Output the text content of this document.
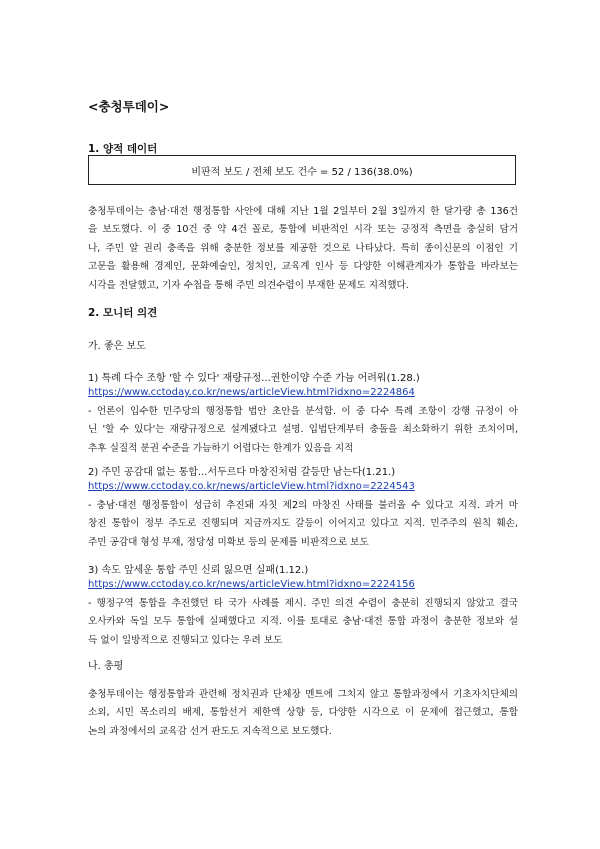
<충청투데이>
1. 양적 데이터
비판적 보도 / 전체 보도 건수 = 52 / 136(38.0%)
충청투데이는 충남·대전 행정통합 사안에 대해 지난 1월 2일부터 2월 3일까지 한 달가량 총 136건
을 보도했다. 이 중 10건 중 약 4건 꼴로, 통합에 비판적인 시각 또는 긍정적 측면을 충실히 담거
나, 주민 알 권리 충족을 위해 충분한 정보를 제공한 것으로 나타났다. 특히 종이신문의 이점인 기
고문을 활용해 경제인, 문화예술인, 정치인, 교육계 인사 등 다양한 이해관계자가 통합을 바라보는
시각을 전달했고, 기자 수첩을 통해 주민 의견수렴이 부재한 문제도 지적했다.
2. 모니터 의견
가. 좋은 보도
1) 특례 다수 조항 '할 수 있다' 재량규정...권한이양 수준 가늠 어려워(1.28.)
https://www.cctoday.co.kr/news/articleView.html?idxno=2224864
- 언론이 입수한 민주당의 행정통합 법안 초안을 분석함. 이 중 다수 특례 조항이 강행 규정이 아
닌 '할 수 있다'는 재량규정으로 설계됐다고 설명. 입법단계부터 충돌을 최소화하기 위한 조치이며,
추후 실질적 분권 수준을 가늠하기 어렵다는 한계가 있음을 지적
2) 주민 공감대 없는 통합...서두르다 마창진처럼 갈등만 남는다(1.21.)
https://www.cctoday.co.kr/news/articleView.html?idxno=2224543
- 충남·대전 행정통합이 성급히 추진돼 자칫 제2의 마창진 사태를 불러올 수 있다고 지적. 과거 마
창진 통합이 정부 주도로 진행되며 지금까지도 갈등이 이어지고 있다고 지적. 민주주의 원칙 훼손,
주민 공감대 형성 부재, 정당성 미확보 등의 문제를 비판적으로 보도
3) 속도 앞세운 통합 주민 신뢰 잃으면 실패(1.12.)
https://www.cctoday.co.kr/news/articleView.html?idxno=2224156
- 행정구역 통합을 추진했던 타 국가 사례를 제시. 주민 의견 수렴이 충분히 진행되지 않았고 결국
오사카와 독일 모두 통합에 실패했다고 지적. 이를 토대로 충남·대전 통합 과정이 충분한 정보와 설
득 없이 일방적으로 진행되고 있다는 우려 보도
나. 총평
충청투데이는 행정통합과 관련해 정치권과 단체장 멘트에 그치지 않고 통합과정에서 기초자치단체의
소외, 시민 목소리의 배제, 통합선거 제한액 상향 등, 다양한 시각으로 이 문제에 접근했고, 통합
논의 과정에서의 교육감 선거 판도도 지속적으로 보도했다.
